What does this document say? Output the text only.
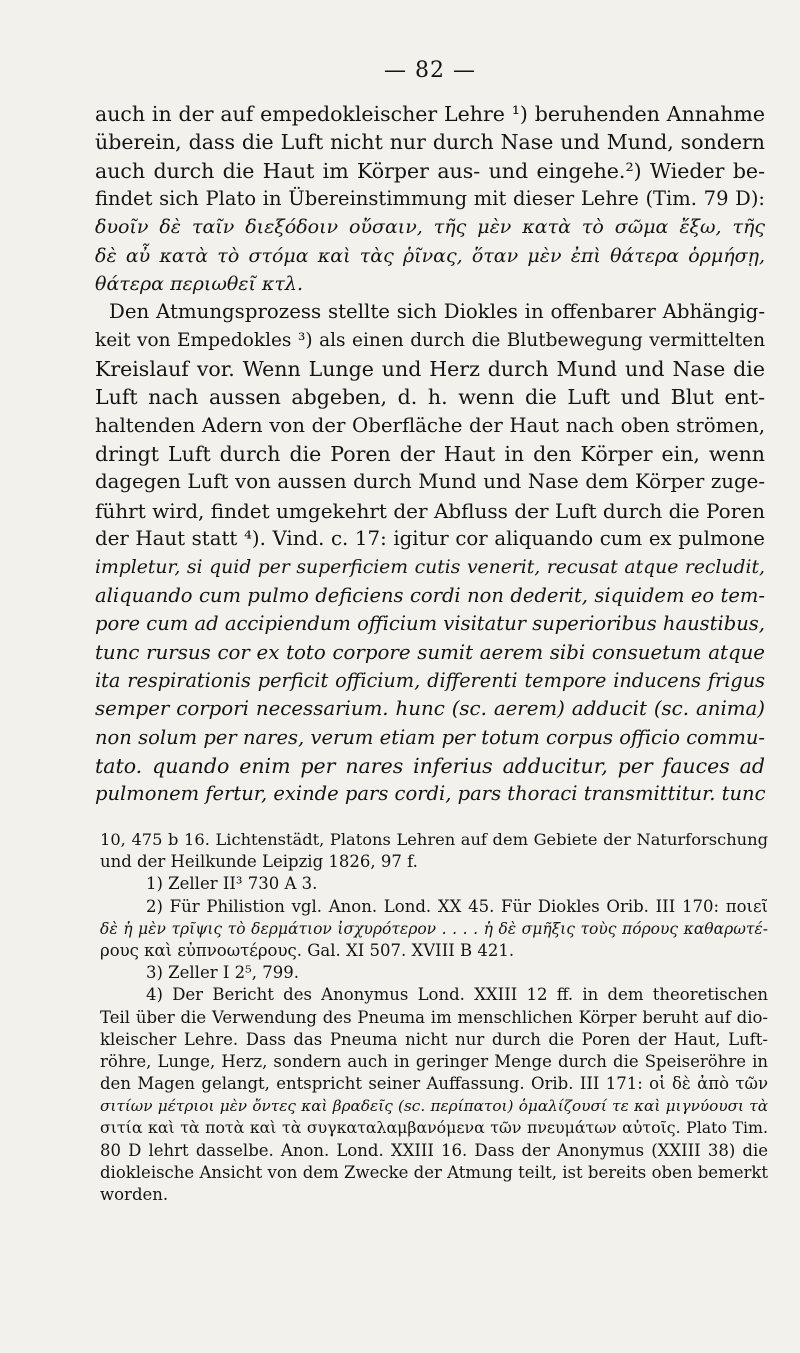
— 82 —
auch in der auf empedokleischer Lehre ¹) beruhenden Annahme
überein, dass die Luft nicht nur durch Nase und Mund, sondern
auch durch die Haut im Körper aus- und eingehe.²) Wieder be-
findet sich Plato in Übereinstimmung mit dieser Lehre (Tim. 79 D):
δυοῖν δὲ ταῖν διεξόδοιν οὔσαιν, τῆς μὲν κατὰ τὸ σῶμα ἔξω, τῆς
δὲ αὖ κατὰ τὸ στόμα καὶ τὰς ῥῖνας, ὅταν μὲν ἐπὶ θάτερα ὁρμήσῃ,
θάτερα περιωθεῖ κτλ.
Den Atmungsprozess stellte sich Diokles in offenbarer Abhängig-
keit von Empedokles ³) als einen durch die Blutbewegung vermittelten
Kreislauf vor. Wenn Lunge und Herz durch Mund und Nase die
Luft nach aussen abgeben, d. h. wenn die Luft und Blut ent-
haltenden Adern von der Oberfläche der Haut nach oben strömen,
dringt Luft durch die Poren der Haut in den Körper ein, wenn
dagegen Luft von aussen durch Mund und Nase dem Körper zuge-
führt wird, findet umgekehrt der Abfluss der Luft durch die Poren
der Haut statt ⁴). Vind. c. 17: igitur cor aliquando cum ex pulmone
impletur, si quid per superficiem cutis venerit, recusat atque recludit,
aliquando cum pulmo deficiens cordi non dederit, siquidem eo tem-
pore cum ad accipiendum officium visitatur superioribus haustibus,
tunc rursus cor ex toto corpore sumit aerem sibi consuetum atque
ita respirationis perficit officium, differenti tempore inducens frigus
semper corpori necessarium. hunc (sc. aerem) adducit (sc. anima)
non solum per nares, verum etiam per totum corpus officio commu-
tato. quando enim per nares inferius adducitur, per fauces ad
pulmonem fertur, exinde pars cordi, pars thoraci transmittitur. tunc
10, 475 b 16. Lichtenstädt, Platons Lehren auf dem Gebiete der Naturforschung
und der Heilkunde Leipzig 1826, 97 f.
1) Zeller II³ 730 A 3.
2) Für Philistion vgl. Anon. Lond. XX 45. Für Diokles Orib. III 170: ποιεῖ
δὲ ἡ μὲν τρῖψις τὸ δερμάτιον ἰσχυρότερον . . . . ἡ δὲ σμῆξις τοὺς πόρους καθαρωτέ-
ρους καὶ εὐπνοωτέρους. Gal. XI 507. XVIII B 421.
3) Zeller I 2⁵, 799.
4) Der Bericht des Anonymus Lond. XXIII 12 ff. in dem theoretischen
Teil über die Verwendung des Pneuma im menschlichen Körper beruht auf dio-
kleischer Lehre. Dass das Pneuma nicht nur durch die Poren der Haut, Luft-
röhre, Lunge, Herz, sondern auch in geringer Menge durch die Speiseröhre in
den Magen gelangt, entspricht seiner Auffassung. Orib. III 171: οἱ δὲ ἀπὸ τῶν
σιτίων μέτριοι μὲν ὄντες καὶ βραδεῖς (sc. περίπατοι) ὁμαλίζουσί τε καὶ μιγνύουσι τὰ
σιτία καὶ τὰ ποτὰ καὶ τὰ συγκαταλαμβανόμενα τῶν πνευμάτων αὐτοῖς. Plato Tim.
80 D lehrt dasselbe. Anon. Lond. XXIII 16. Dass der Anonymus (XXIII 38) die
diokleische Ansicht von dem Zwecke der Atmung teilt, ist bereits oben bemerkt
worden.
